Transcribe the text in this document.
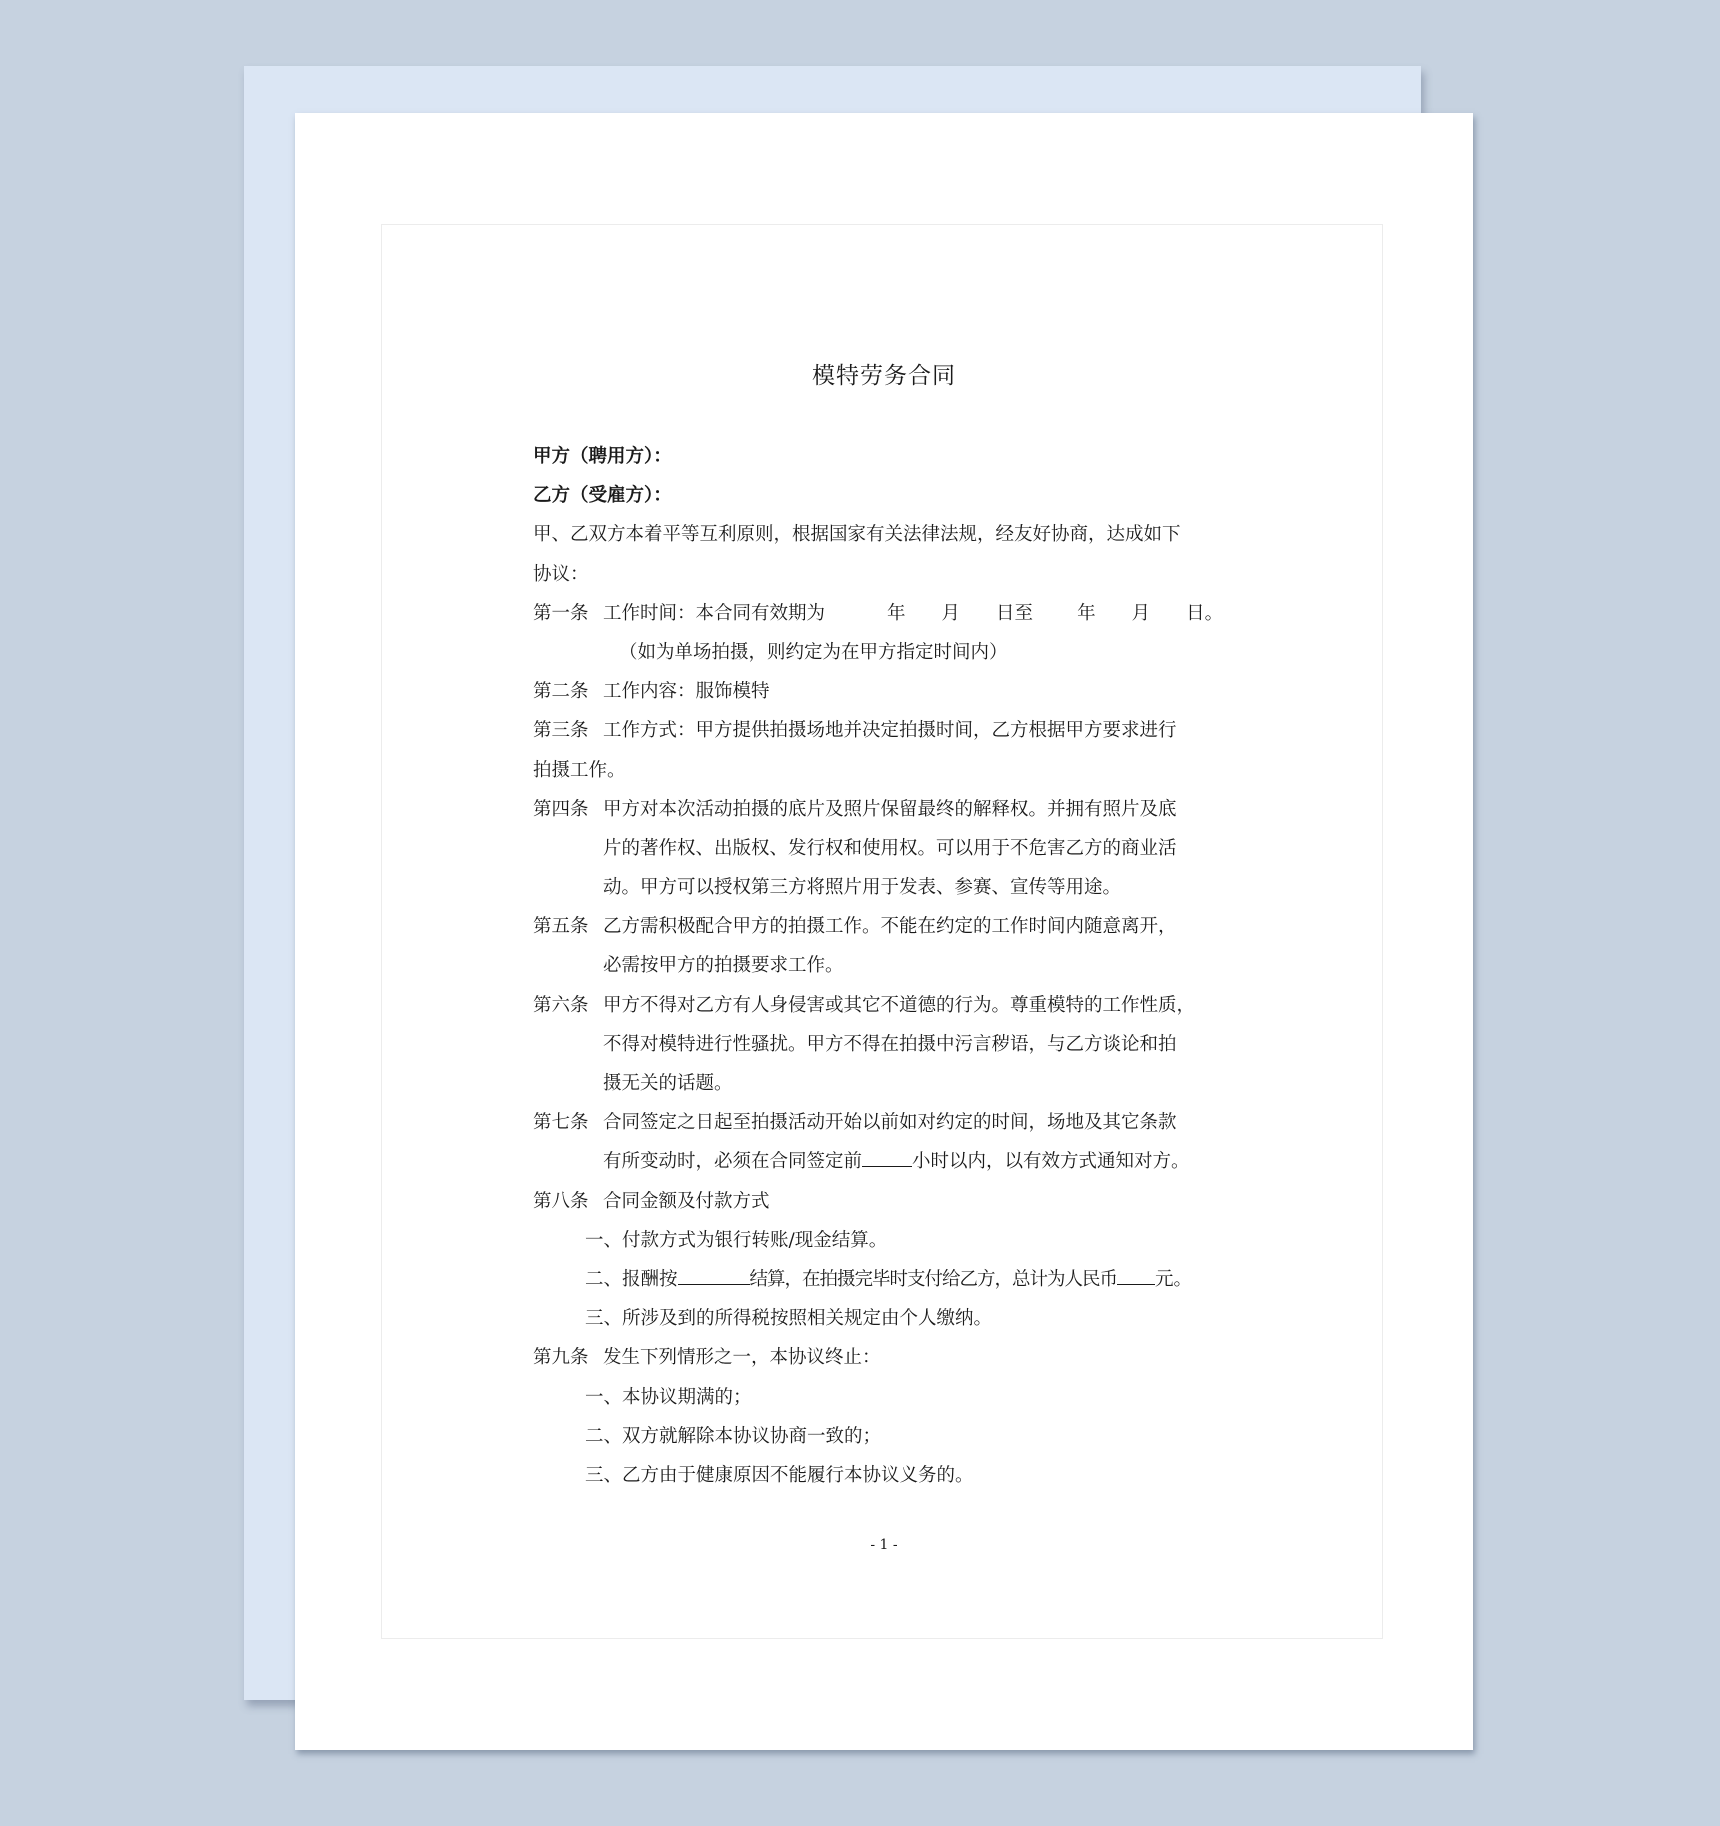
模特劳务合同
甲方（聘用方）：
乙方（受雇方）：
甲、乙双方本着平等互利原则，根据国家有关法律法规，经友好协商，达成如下
协议：
第一条 工作时间：本合同有效期为	年 月 日至 年 月 日。
（如为单场拍摄，则约定为在甲方指定时间内）
第二条 工作内容：服饰模特
第三条 工作方式：甲方提供拍摄场地并决定拍摄时间，乙方根据甲方要求进行
拍摄工作。
第四条 甲方对本次活动拍摄的底片及照片保留最终的解释权。并拥有照片及底
片的著作权、出版权、发行权和使用权。可以用于不危害乙方的商业活
动。甲方可以授权第三方将照片用于发表、参赛、宣传等用途。
第五条 乙方需积极配合甲方的拍摄工作。不能在约定的工作时间内随意离开，
必需按甲方的拍摄要求工作。
第六条 甲方不得对乙方有人身侵害或其它不道德的行为。尊重模特的工作性质，
不得对模特进行性骚扰。甲方不得在拍摄中污言秽语，与乙方谈论和拍
摄无关的话题。
第七条 合同签定之日起至拍摄活动开始以前如对约定的时间，场地及其它条款
有所变动时，必须在合同签定前	小时以内，以有效方式通知对方。
第八条 合同金额及付款方式
一、付款方式为银行转账/现金结算。
二、报酬按	结算，在拍摄完毕时支付给乙方，总计为人民币 元。
三、所涉及到的所得税按照相关规定由个人缴纳。
第九条 发生下列情形之一，本协议终止：
一、本协议期满的；
二、双方就解除本协议协商一致的；
三、乙方由于健康原因不能履行本协议义务的。
- 1 -
